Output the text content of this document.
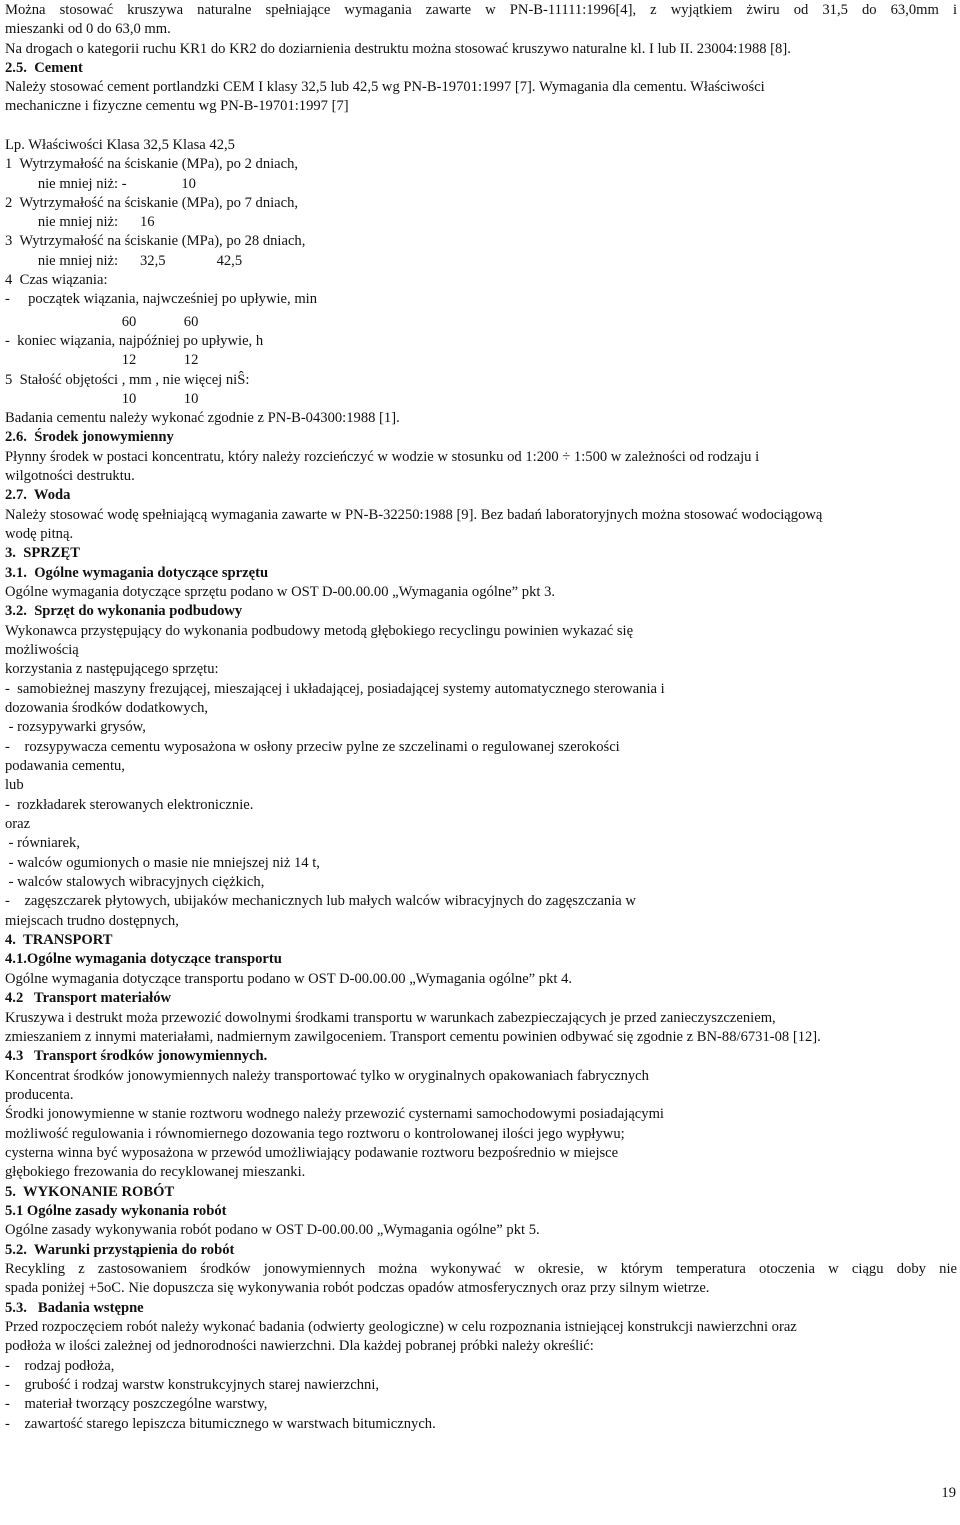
Można stosować kruszywa naturalne spełniające wymagania zawarte w PN-B-11111:1996[4], z wyjątkiem żwiru od 31,5 do 63,0mm i
mieszanki od 0 do 63,0 mm.
Na drogach o kategorii ruchu KR1 do KR2 do doziarnienia destruktu można stosować kruszywo naturalne kl. I lub II. 23004:1988 [8].
2.5.  Cement
Należy stosować cement portlandzki CEM I klasy 32,5 lub 42,5 wg PN-B-19701:1997 [7]. Wymagania dla cementu. Właściwości
mechaniczne i fizyczne cementu wg PN-B-19701:1997 [7]
Lp. Właściwości Klasa 32,5 Klasa 42,5
1  Wytrzymałość na ściskanie (MPa), po 2 dniach,
nie mniej niż: -               10
2  Wytrzymałość na ściskanie (MPa), po 7 dniach,
nie mniej niż:      16
3  Wytrzymałość na ściskanie (MPa), po 28 dniach,
nie mniej niż:      32,5              42,5
4  Czas wiązania:
-     początek wiązania, najwcześniej po upływie, min
60             60
-  koniec wiązania, najpóźniej po upływie, h
12             12
5  Stałość objętości , mm , nie więcej niŜ:
10             10
Badania cementu należy wykonać zgodnie z PN-B-04300:1988 [1].
2.6.  Środek jonowymienny
Płynny środek w postaci koncentratu, który należy rozcieńczyć w wodzie w stosunku od 1:200 ÷ 1:500 w zależności od rodzaju i
wilgotności destruktu.
2.7.  Woda
Należy stosować wodę spełniającą wymagania zawarte w PN-B-32250:1988 [9]. Bez badań laboratoryjnych można stosować wodociągową
wodę pitną.
3.  SPRZĘT
3.1.  Ogólne wymagania dotyczące sprzętu
Ogólne wymagania dotyczące sprzętu podano w OST D-00.00.00 „Wymagania ogólne” pkt 3.
3.2.  Sprzęt do wykonania podbudowy
Wykonawca przystępujący do wykonania podbudowy metodą głębokiego recyclingu powinien wykazać się
możliwością
korzystania z następującego sprzętu:
-  samobieżnej maszyny frezującej, mieszającej i układającej, posiadającej systemy automatycznego sterowania i
dozowania środków dodatkowych,
- rozsypywarki grysów,
-    rozsypywacza cementu wyposażona w osłony przeciw pylne ze szczelinami o regulowanej szerokości
podawania cementu,
lub
-  rozkładarek sterowanych elektronicznie.
oraz
- równiarek,
- walców ogumionych o masie nie mniejszej niż 14 t,
- walców stalowych wibracyjnych ciężkich,
-    zagęszczarek płytowych, ubijaków mechanicznych lub małych walców wibracyjnych do zagęszczania w
miejscach trudno dostępnych,
4.  TRANSPORT
4.1.Ogólne wymagania dotyczące transportu
Ogólne wymagania dotyczące transportu podano w OST D-00.00.00 „Wymagania ogólne” pkt 4.
4.2   Transport materiałów
Kruszywa i destrukt moża przewozić dowolnymi środkami transportu w warunkach zabezpieczających je przed zanieczyszczeniem,
zmieszaniem z innymi materiałami, nadmiernym zawilgoceniem. Transport cementu powinien odbywać się zgodnie z BN-88/6731-08 [12].
4.3   Transport środków jonowymiennych.
Koncentrat środków jonowymiennych należy transportować tylko w oryginalnych opakowaniach fabrycznych
producenta.
Środki jonowymienne w stanie roztworu wodnego należy przewozić cysternami samochodowymi posiadającymi
możliwość regulowania i równomiernego dozowania tego roztworu o kontrolowanej ilości jego wypływu;
cysterna winna być wyposażona w przewód umożliwiający podawanie roztworu bezpośrednio w miejsce
głębokiego frezowania do recyklowanej mieszanki.
5.  WYKONANIE ROBÓT
5.1 Ogólne zasady wykonania robót
Ogólne zasady wykonywania robót podano w OST D-00.00.00 „Wymagania ogólne” pkt 5.
5.2.  Warunki przystąpienia do robót
Recykling z zastosowaniem środków jonowymiennych można wykonywać w okresie, w którym temperatura otoczenia w ciągu doby nie
spada poniżej +5oC. Nie dopuszcza się wykonywania robót podczas opadów atmosferycznych oraz przy silnym wietrze.
5.3.   Badania wstępne
Przed rozpoczęciem robót należy wykonać badania (odwierty geologiczne) w celu rozpoznania istniejącej konstrukcji nawierzchni oraz
podłoża w ilości zależnej od jednorodności nawierzchni. Dla każdej pobranej próbki należy określić:
-    rodzaj podłoża,
-    grubość i rodzaj warstw konstrukcyjnych starej nawierzchni,
-    materiał tworzący poszczególne warstwy,
-    zawartość starego lepiszcza bitumicznego w warstwach bitumicznych.
19
